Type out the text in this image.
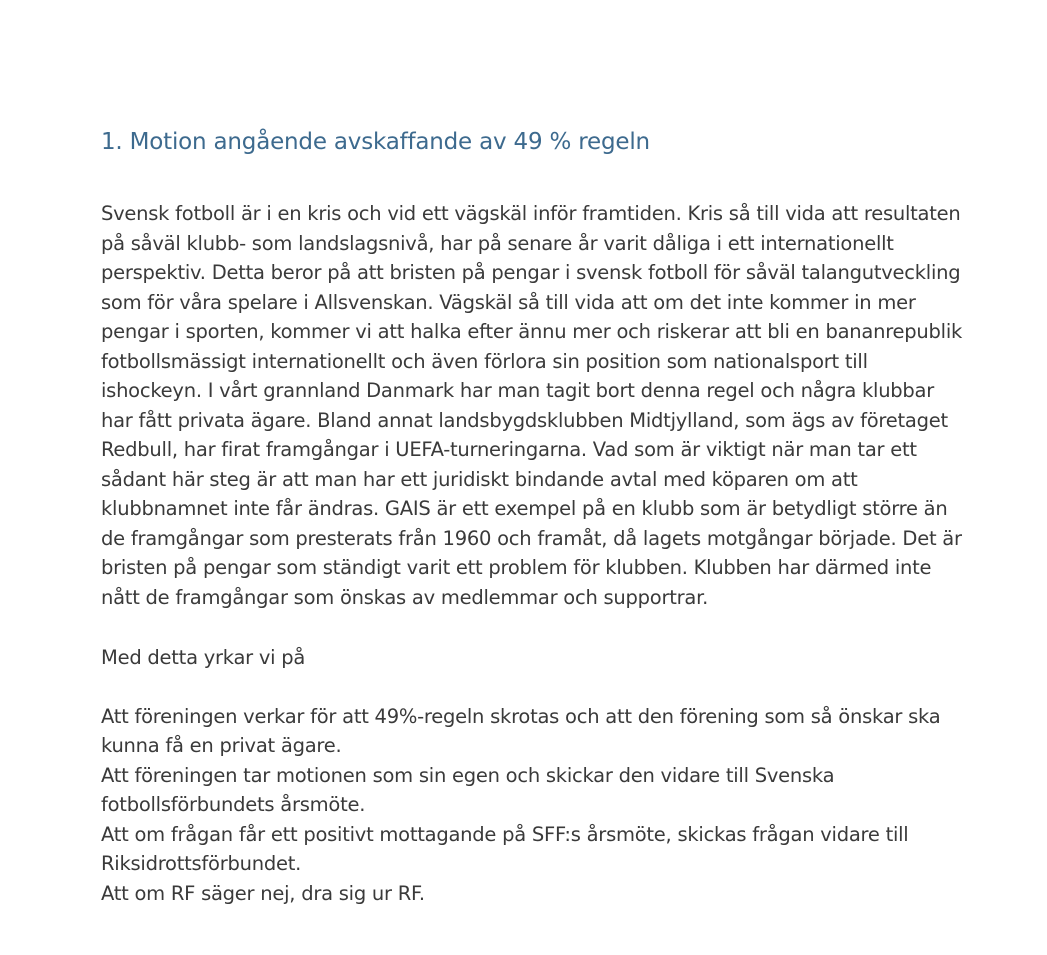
1. Motion angående avskaffande av 49 % regeln

Svensk fotboll är i en kris och vid ett vägskäl inför framtiden. Kris så till vida att resultaten på såväl klubb- som landslagsnivå, har på senare år varit dåliga i ett internationellt perspektiv. Detta beror på att bristen på pengar i svensk fotboll för såväl talangutveckling som för våra spelare i Allsvenskan. Vägskäl så till vida att om det inte kommer in mer pengar i sporten, kommer vi att halka efter ännu mer och riskerar att bli en bananrepublik fotbollsmässigt internationellt och även förlora sin position som nationalsport till ishockeyn. I vårt grannland Danmark har man tagit bort denna regel och några klubbar har fått privata ägare. Bland annat landsbygdsklubben Midtjylland, som ägs av företaget Redbull, har firat framgångar i UEFA-turneringarna. Vad som är viktigt när man tar ett sådant här steg är att man har ett juridiskt bindande avtal med köparen om att klubbnamnet inte får ändras. GAIS är ett exempel på en klubb som är betydligt större än de framgångar som presterats från 1960 och framåt, då lagets motgångar började. Det är bristen på pengar som ständigt varit ett problem för klubben. Klubben har därmed inte nått de framgångar som önskas av medlemmar och supportrar.

Med detta yrkar vi på

Att föreningen verkar för att 49%-regeln skrotas och att den förening som så önskar ska kunna få en privat ägare.

Att föreningen tar motionen som sin egen och skickar den vidare till Svenska fotbollsförbundets årsmöte.

Att om frågan får ett positivt mottagande på SFF:s årsmöte, skickas frågan vidare till Riksidrottsförbundet.

Att om RF säger nej, dra sig ur RF.
